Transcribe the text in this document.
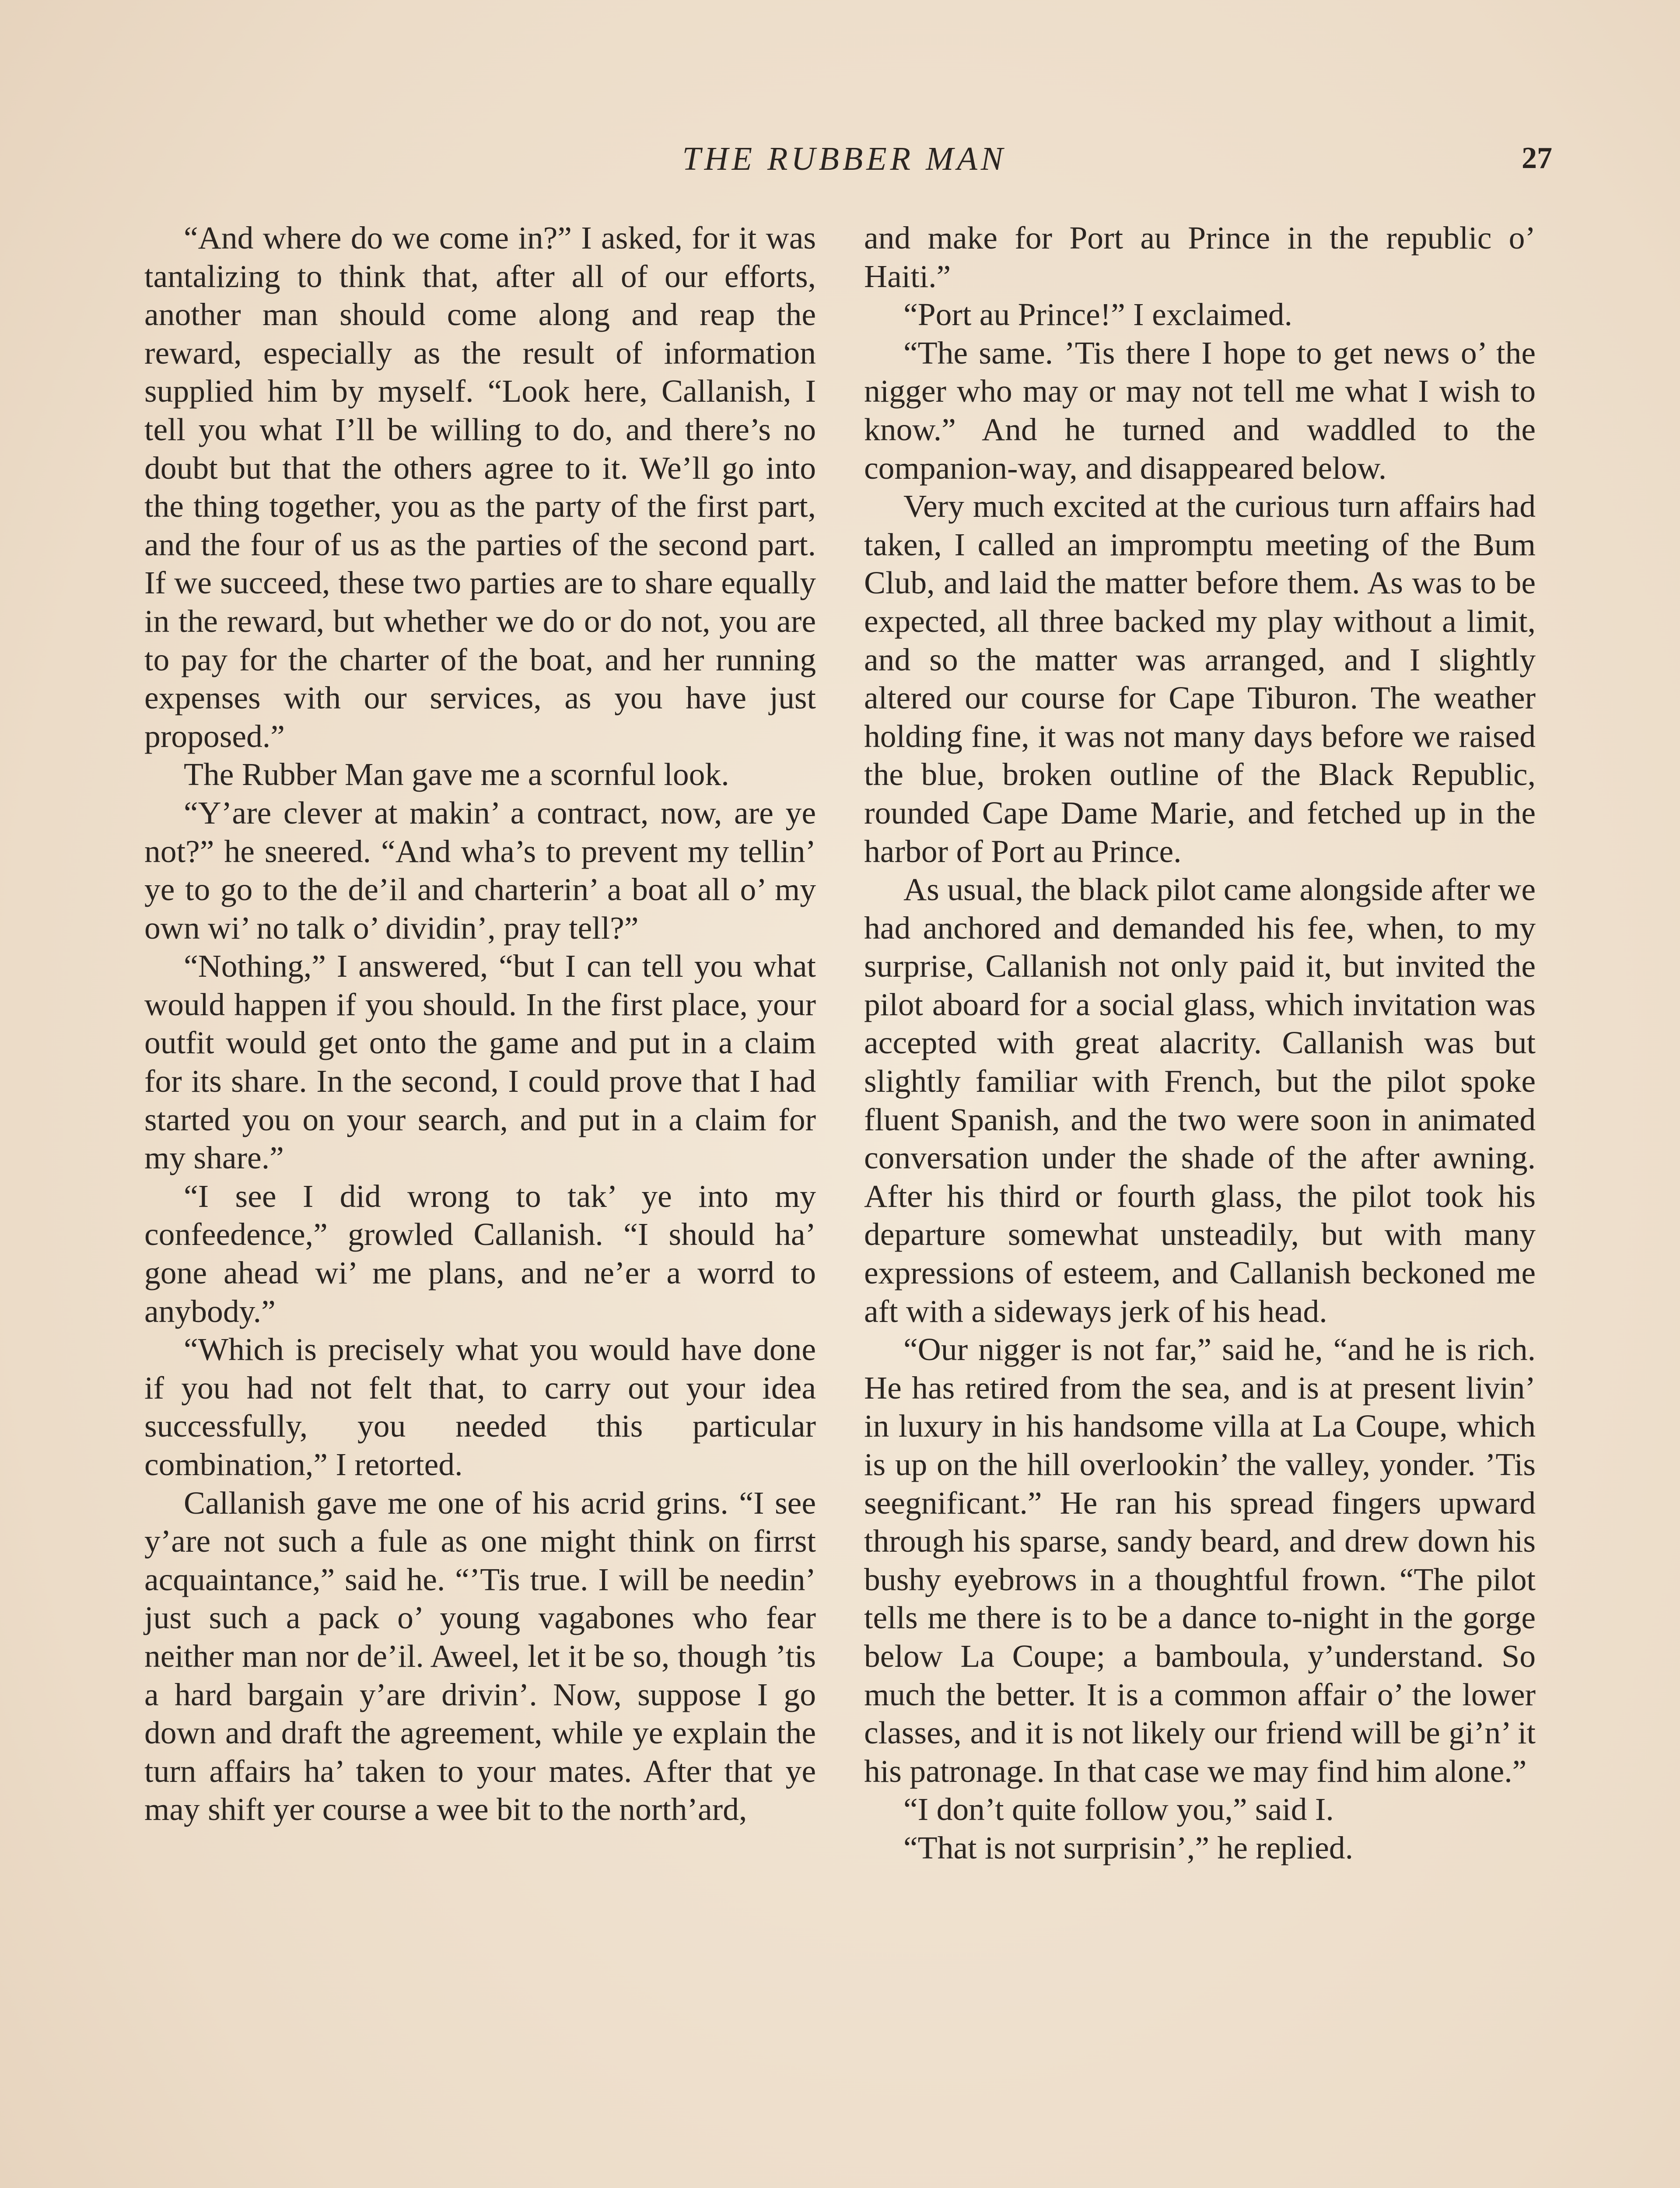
THE RUBBER MAN	27

“And where do we come in?” I asked, for it was tantalizing to think that, after all of our efforts, another man should come along and reap the reward, especially as the result of information supplied him by myself. “Look here, Callanish, I tell you what I’ll be willing to do, and there’s no doubt but that the others agree to it. We’ll go into the thing together, you as the party of the first part, and the four of us as the parties of the second part. If we succeed, these two parties are to share equally in the reward, but whether we do or do not, you are to pay for the charter of the boat, and her running expenses with our services, as you have just proposed.”

The Rubber Man gave me a scornful look.

“Y’are clever at makin’ a contract, now, are ye not?” he sneered. “And wha’s to prevent my tellin’ ye to go to the de’il and charterin’ a boat all o’ my own wi’ no talk o’ dividin’, pray tell?”

“Nothing,” I answered, “but I can tell you what would happen if you should. In the first place, your outfit would get onto the game and put in a claim for its share. In the second, I could prove that I had started you on your search, and put in a claim for my share.”

“I see I did wrong to tak’ ye into my confeedence,” growled Callanish. “I should ha’ gone ahead wi’ me plans, and ne’er a worrd to anybody.”

“Which is precisely what you would have done if you had not felt that, to carry out your idea successfully, you needed this particular combination,” I retorted.

Callanish gave me one of his acrid grins. “I see y’are not such a fule as one might think on firrst acquaintance,” said he. “’Tis true. I will be needin’ just such a pack o’ young vagabones who fear neither man nor de’il. Aweel, let it be so, though ’tis a hard bargain y’are drivin’. Now, suppose I go down and draft the agreement, while ye explain the turn affairs ha’ taken to your mates. After that ye may shift yer course a wee bit to the north’ard,

and make for Port au Prince in the republic o’ Haiti.”

“Port au Prince!” I exclaimed.

“The same. ’Tis there I hope to get news o’ the nigger who may or may not tell me what I wish to know.” And he turned and waddled to the companion-way, and disappeared below.

Very much excited at the curious turn affairs had taken, I called an impromptu meeting of the Bum Club, and laid the matter before them. As was to be expected, all three backed my play without a limit, and so the matter was arranged, and I slightly altered our course for Cape Tiburon. The weather holding fine, it was not many days before we raised the blue, broken outline of the Black Republic, rounded Cape Dame Marie, and fetched up in the harbor of Port au Prince.

As usual, the black pilot came alongside after we had anchored and demanded his fee, when, to my surprise, Callanish not only paid it, but invited the pilot aboard for a social glass, which invitation was accepted with great alacrity. Callanish was but slightly familiar with French, but the pilot spoke fluent Spanish, and the two were soon in animated conversation under the shade of the after awning. After his third or fourth glass, the pilot took his departure somewhat unsteadily, but with many expressions of esteem, and Callanish beckoned me aft with a sideways jerk of his head.

“Our nigger is not far,” said he, “and he is rich. He has retired from the sea, and is at present livin’ in luxury in his handsome villa at La Coupe, which is up on the hill overlookin’ the valley, yonder. ’Tis seegnificant.” He ran his spread fingers upward through his sparse, sandy beard, and drew down his bushy eyebrows in a thoughtful frown. “The pilot tells me there is to be a dance to-night in the gorge below La Coupe; a bamboula, y’understand. So much the better. It is a common affair o’ the lower classes, and it is not likely our friend will be gi’n’ it his patronage. In that case we may find him alone.”

“I don’t quite follow you,” said I.

“That is not surprisin’,” he replied.
